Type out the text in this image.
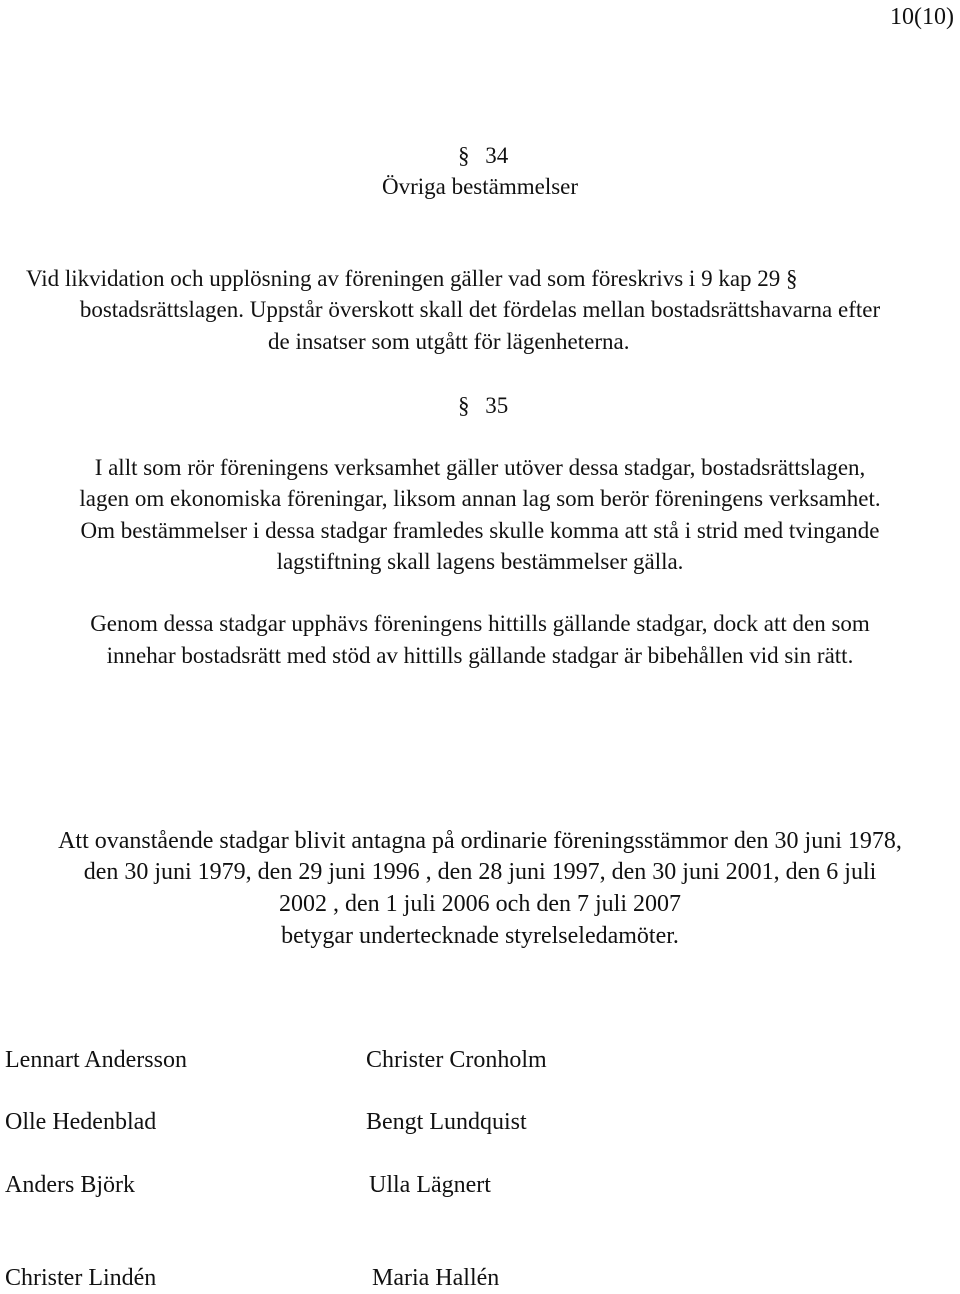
10(10)
§ 34
Övriga bestämmelser
Vid likvidation och upplösning av föreningen gäller vad som föreskrivs i 9 kap 29 §
bostadsrättslagen. Uppstår överskott skall det fördelas mellan bostadsrättshavarna efter
de insatser som utgått för lägenheterna.
§ 35
I allt som rör föreningens verksamhet gäller utöver dessa stadgar, bostadsrättslagen,
lagen om ekonomiska föreningar, liksom annan lag som berör föreningens verksamhet.
Om bestämmelser i dessa stadgar framledes skulle komma att stå i strid med tvingande
lagstiftning skall lagens bestämmelser gälla.
Genom dessa stadgar upphävs föreningens hittills gällande stadgar, dock att den som
innehar bostadsrätt med stöd av hittills gällande stadgar är bibehållen vid sin rätt.
Att ovanstående stadgar blivit antagna på ordinarie föreningsstämmor den 30 juni 1978,
den 30 juni 1979, den 29 juni 1996 , den 28 juni 1997, den 30 juni 2001, den 6 juli
2002 , den 1 juli 2006 och den 7 juli 2007
betygar undertecknade styrelseledamöter.
Lennart Andersson
Olle Hedenblad
Anders Björk
Christer Lindén
Christer Cronholm
Bengt Lundquist
Ulla Lägnert
Maria Hallén
